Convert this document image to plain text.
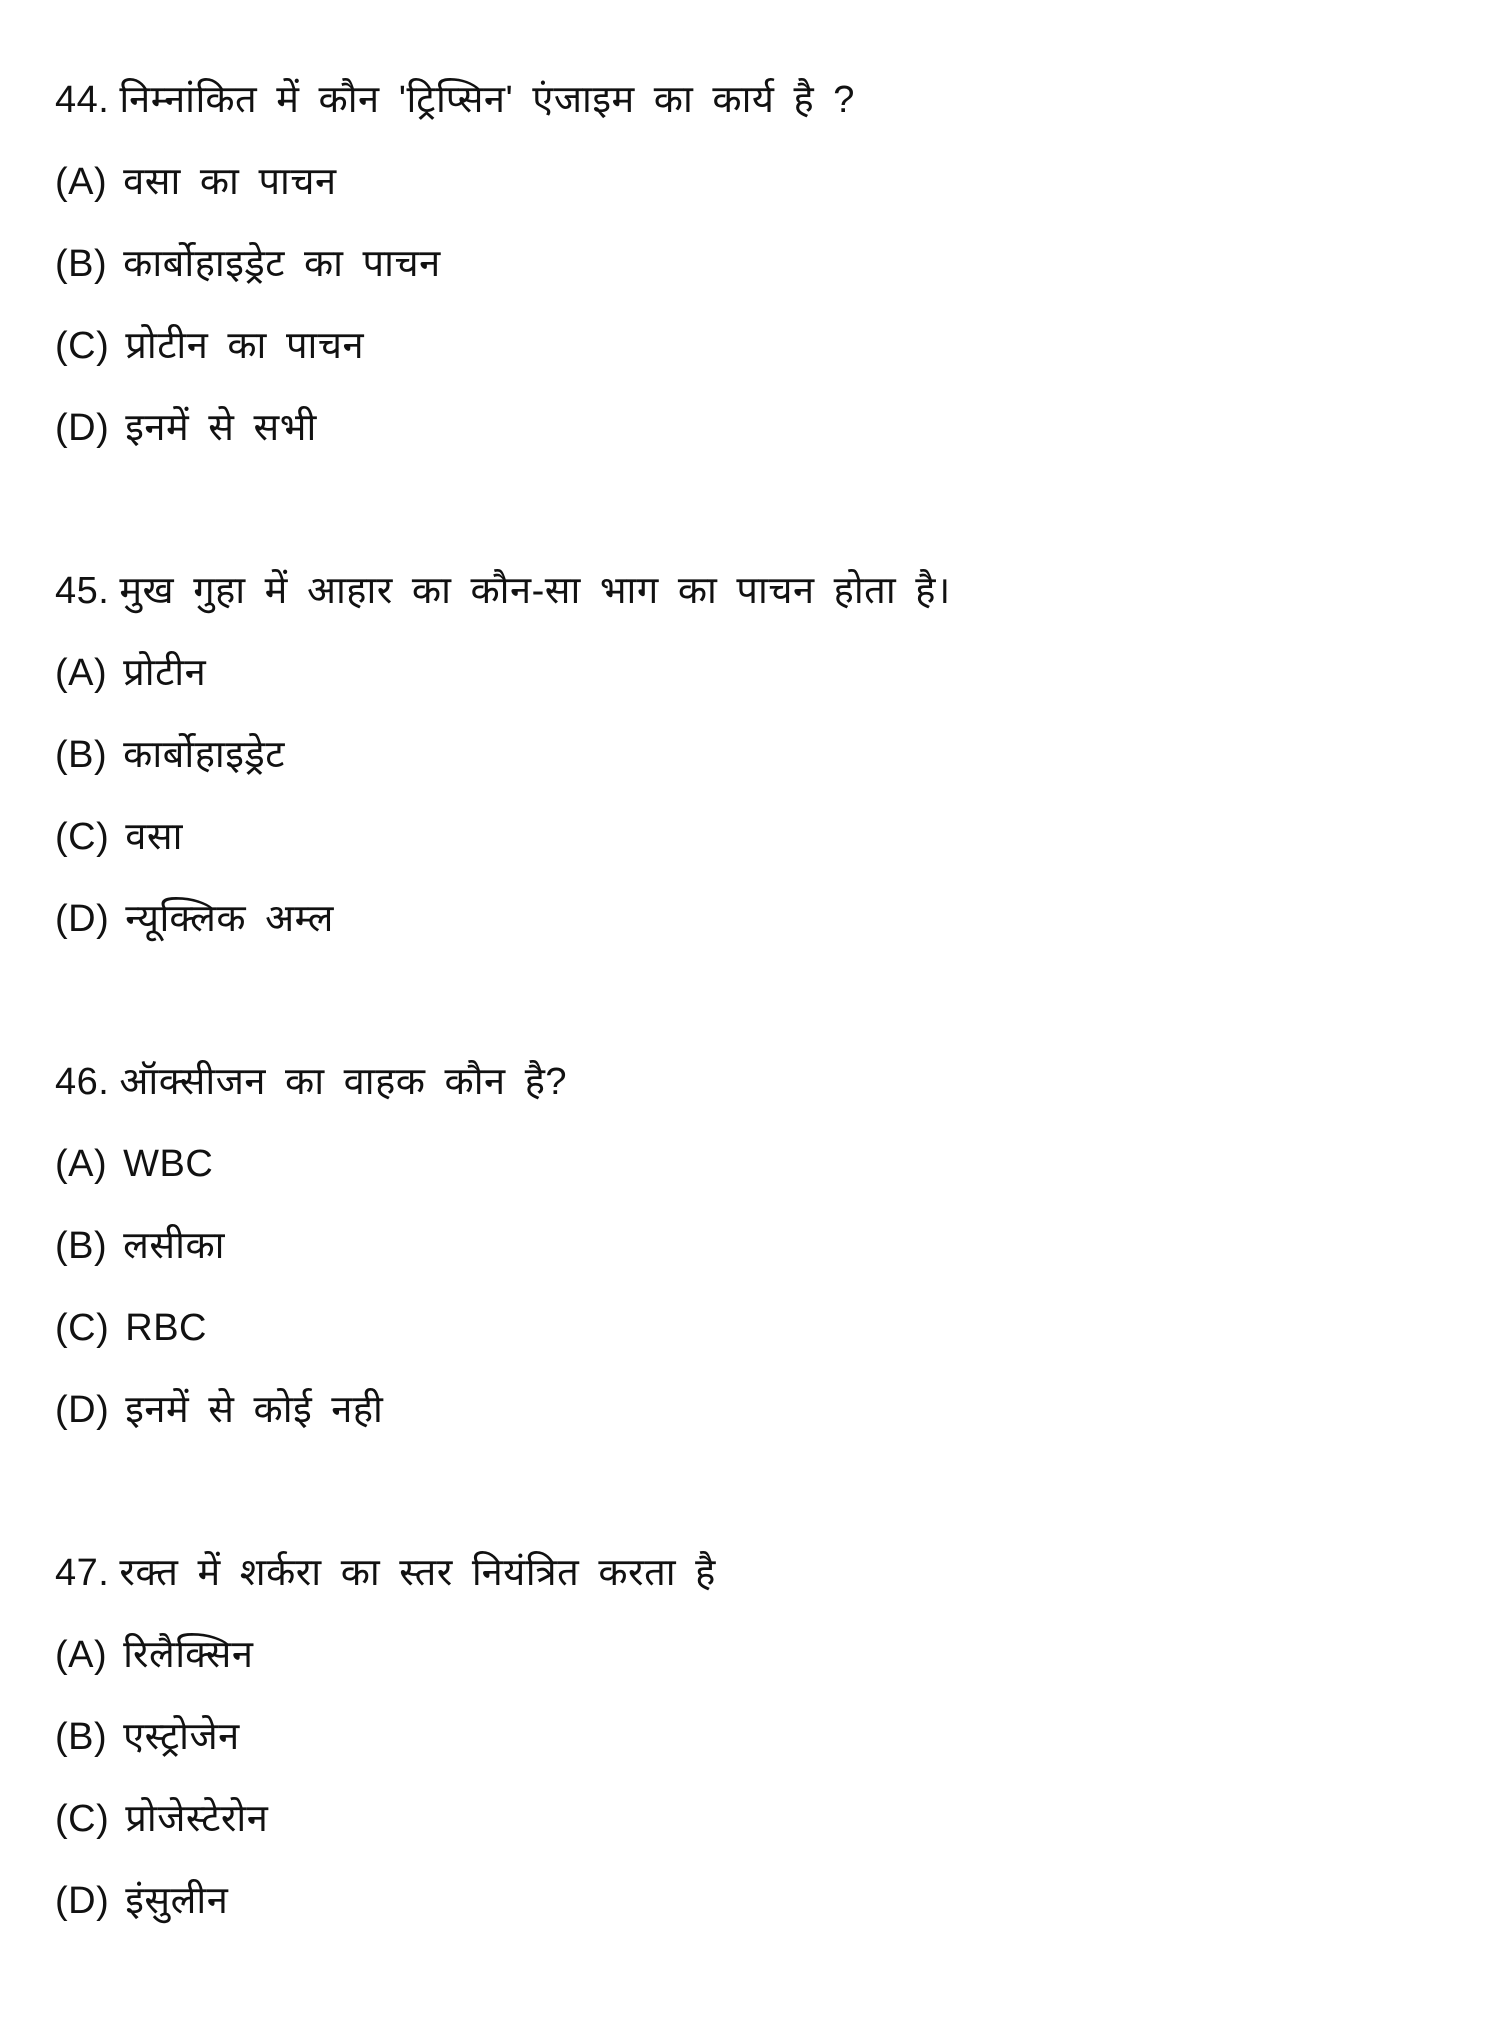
44. निम्नांकित में कौन 'ट्रिप्सिन' एंजाइम का कार्य है ?
(A) वसा का पाचन
(B) कार्बोहाइड्रेट का पाचन
(C) प्रोटीन का पाचन
(D) इनमें से सभी
45. मुख गुहा में आहार का कौन-सा भाग का पाचन होता है।
(A) प्रोटीन
(B) कार्बोहाइड्रेट
(C) वसा
(D) न्यूक्लिक अम्ल
46. ऑक्सीजन का वाहक कौन है?
(A) WBC
(B) लसीका
(C) RBC
(D) इनमें से कोई नही
47. रक्त में शर्करा का स्तर नियंत्रित करता है
(A) रिलैक्सिन
(B) एस्ट्रोजेन
(C) प्रोजेस्टेरोन
(D) इंसुलीन
